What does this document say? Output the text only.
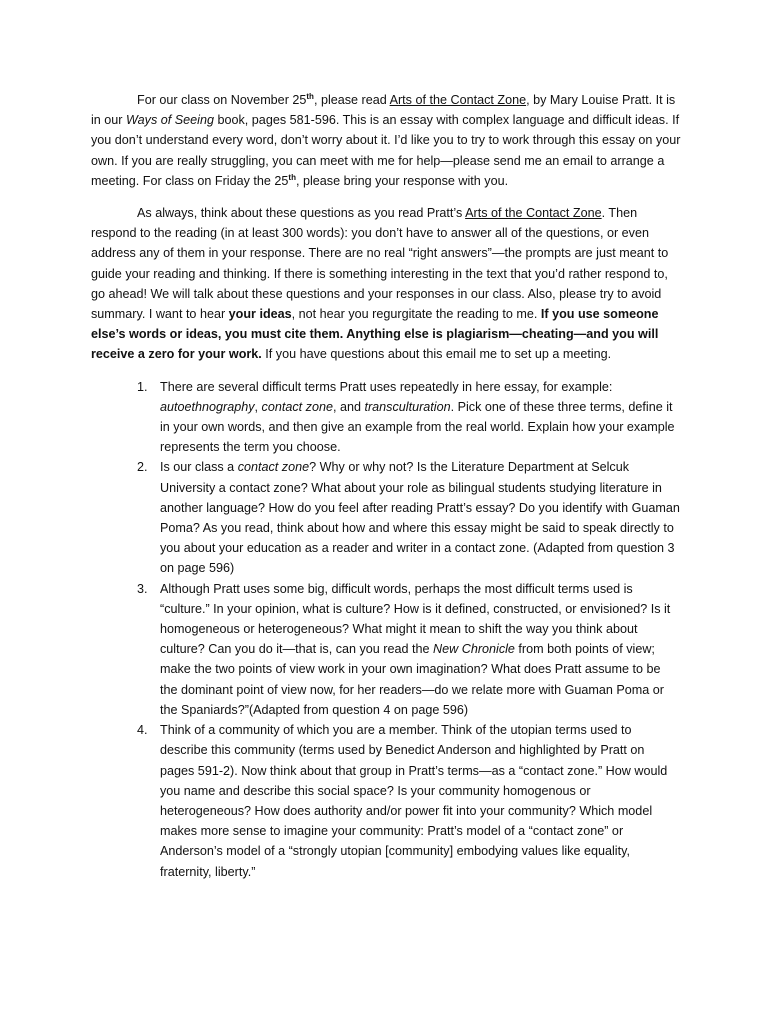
For our class on November 25th, please read Arts of the Contact Zone, by Mary Louise Pratt. It is in our Ways of Seeing book, pages 581-596. This is an essay with complex language and difficult ideas. If you don’t understand every word, don’t worry about it. I’d like you to try to work through this essay on your own. If you are really struggling, you can meet with me for help—please send me an email to arrange a meeting. For class on Friday the 25th, please bring your response with you.

As always, think about these questions as you read Pratt’s Arts of the Contact Zone. Then respond to the reading (in at least 300 words): you don’t have to answer all of the questions, or even address any of them in your response. There are no real “right answers”—the prompts are just meant to guide your reading and thinking. If there is something interesting in the text that you’d rather respond to, go ahead! We will talk about these questions and your responses in our class. Also, please try to avoid summary. I want to hear your ideas, not hear you regurgitate the reading to me. If you use someone else’s words or ideas, you must cite them. Anything else is plagiarism—cheating—and you will receive a zero for your work. If you have questions about this email me to set up a meeting.

1. There are several difficult terms Pratt uses repeatedly in here essay, for example: autoethnography, contact zone, and transculturation. Pick one of these three terms, define it in your own words, and then give an example from the real world. Explain how your example represents the term you choose.
2. Is our class a contact zone? Why or why not? Is the Literature Department at Selcuk University a contact zone? What about your role as bilingual students studying literature in another language? How do you feel after reading Pratt’s essay? Do you identify with Guaman Poma? As you read, think about how and where this essay might be said to speak directly to you about your education as a reader and writer in a contact zone. (Adapted from question 3 on page 596)
3. Although Pratt uses some big, difficult words, perhaps the most difficult terms used is “culture.” In your opinion, what is culture? How is it defined, constructed, or envisioned? Is it homogeneous or heterogeneous? What might it mean to shift the way you think about culture? Can you do it—that is, can you read the New Chronicle from both points of view; make the two points of view work in your own imagination? What does Pratt assume to be the dominant point of view now, for her readers—do we relate more with Guaman Poma or the Spaniards?”(Adapted from question 4 on page 596)
4. Think of a community of which you are a member. Think of the utopian terms used to describe this community (terms used by Benedict Anderson and highlighted by Pratt on pages 591-2). Now think about that group in Pratt’s terms—as a “contact zone.” How would you name and describe this social space? Is your community homogenous or heterogeneous? How does authority and/or power fit into your community? Which model makes more sense to imagine your community: Pratt’s model of a “contact zone” or Anderson’s model of a “strongly utopian [community] embodying values like equality, fraternity, liberty.”
